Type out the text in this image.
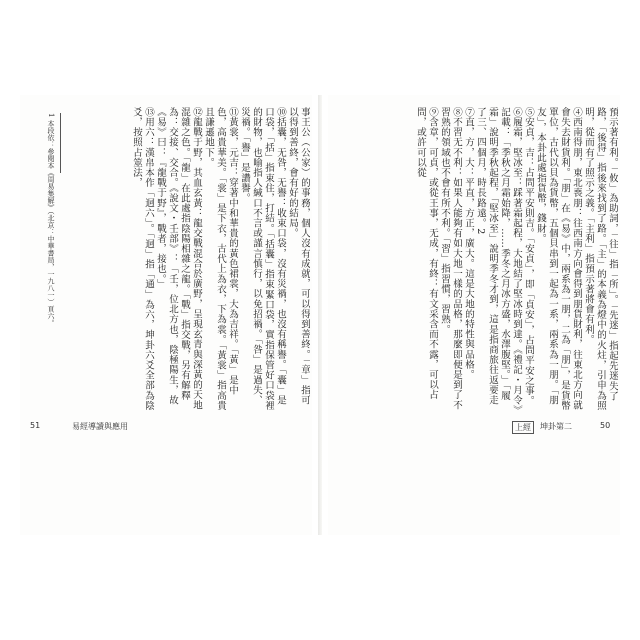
1 本段依：參閱本《周易集解》（北京：中華書局，一九八一）頁六。	事王公（公家）的事務，個人沒有成就，可以得到善終。「章」指可以得到善終，會有好的結局。

⑩括囊，无咎，无譽：收束口袋，沒有災禍，也沒有稱譽。「囊」是口袋，「括」指束住，打結。「括囊」指束緊口袋，實指保管好口袋裡的財物，也喻指人緘口不言或謹言慎行，以免招禍。「咎」是過失、災禍。「譽」是讚譽。

⑪黃裳，元吉：穿著中和華貴的黃色裙裳，大為吉祥。「黃」是中色，高貴華美。「裳」是下衣，古代上為衣，下為裳。「黃裳」指高貴且謙遜地下。

⑫龍戰于野，其血玄黃：龍交戰混合於廣野，呈現玄青與深黃的天地混雜之色。「龍」在此處指陰陽相雜之龍。「戰」指交戰，另有解釋為：交接、交合。《說文・壬部》：「壬，位北方也，陰極陽生，故《易》曰：『龍戰于野』，戰者，接也。」

⑬用六：漢帛本作「迵六」。「迵」指「通」為六，坤卦六爻全部為陰爻，按照占筮法，

51	易經導讀與應用

預示著有利。「攸」為助詞，「往」指「所」。「先迷」指起先迷失了路，「後得」指後來找到了路。「主」的本義為燈中的火炷，引申為照明，從而有了照示之義。「主利」指預示著將會有利。

④西南得朋，東北喪朋：往西南方向會得到朋貨財利，往東北方向就會失去財貨利。「朋」在《易》中，兩系為一朋，二為「朋」，是貨幣單位，古代以貝為貨幣，五個貝串到一起為一系，兩系為一朋。「朋友」，本卦此處指貨幣，錢財。

⑤安貞，吉：占問平安則吉。「安貞」，即「貞安」，占問平安之事。

⑥履霜，堅冰至：踩著霜起程，大地結了堅冰時到達。《禮記・月令》記載：「季秋之月霜始降，……季冬之月冰方盛，水澤腹堅。」「履霜」說明季秋起程，「堅冰至」說明季冬才到，這是指商旅往返要走了三、四個月，時長路遠。2

⑦直，方，大：平直，方正，廣大。這是大地的特性與品格。

⑧不習无不利：如果人能夠有如大地一樣的品格，那麼即便是到了不習熟的領域也不會有所不利。「習」指習慣，習熟。

⑨含章，可貞，或從王事，无成，有終：有文采含而不露，可以占問，或許可以從

上經	坤卦第二	50
